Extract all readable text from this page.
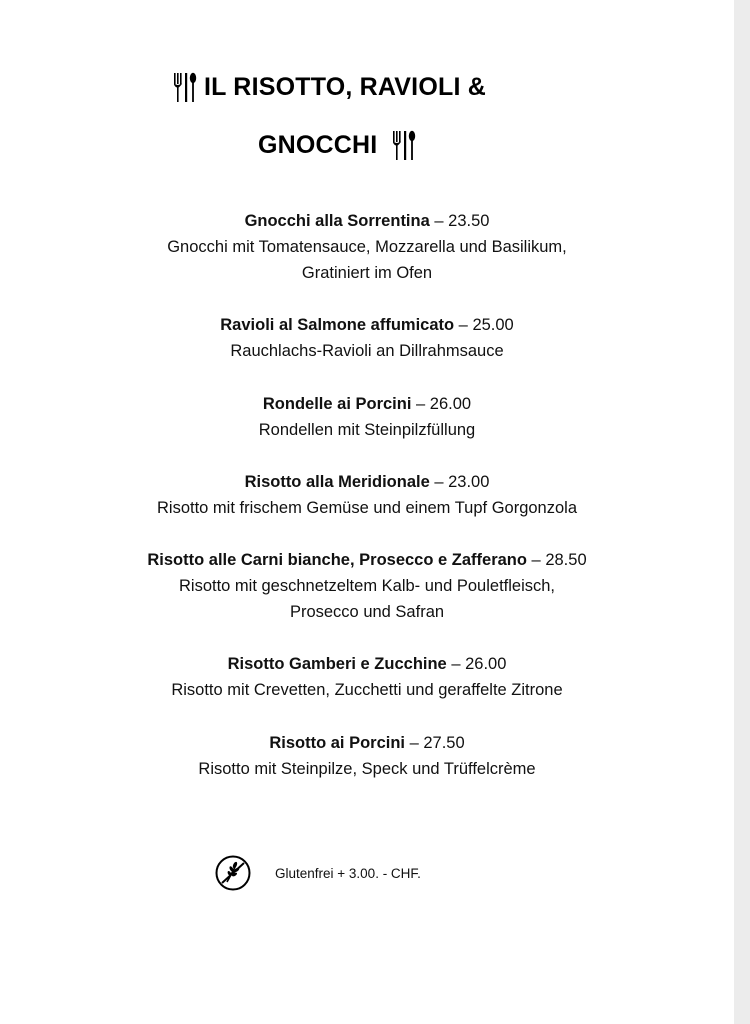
IL RISOTTO, RAVIOLI &
GNOCCHI
Gnocchi alla Sorrentina – 23.50
Gnocchi mit Tomatensauce, Mozzarella und Basilikum,
Gratiniert im Ofen
Ravioli al Salmone affumicato – 25.00
Rauchlachs-Ravioli an Dillrahmsauce
Rondelle ai Porcini – 26.00
Rondellen mit Steinpilzfüllung
Risotto alla Meridionale – 23.00
Risotto mit frischem Gemüse und einem Tupf Gorgonzola
Risotto alle Carni bianche, Prosecco e Zafferano – 28.50
Risotto mit geschnetzeltem Kalb- und Pouletfleisch,
Prosecco und Safran
Risotto Gamberi e Zucchine – 26.00
Risotto mit Crevetten, Zucchetti und geraffelte Zitrone
Risotto ai Porcini – 27.50
Risotto mit Steinpilze, Speck und Trüffelcrème
Glutenfrei + 3.00. - CHF.
